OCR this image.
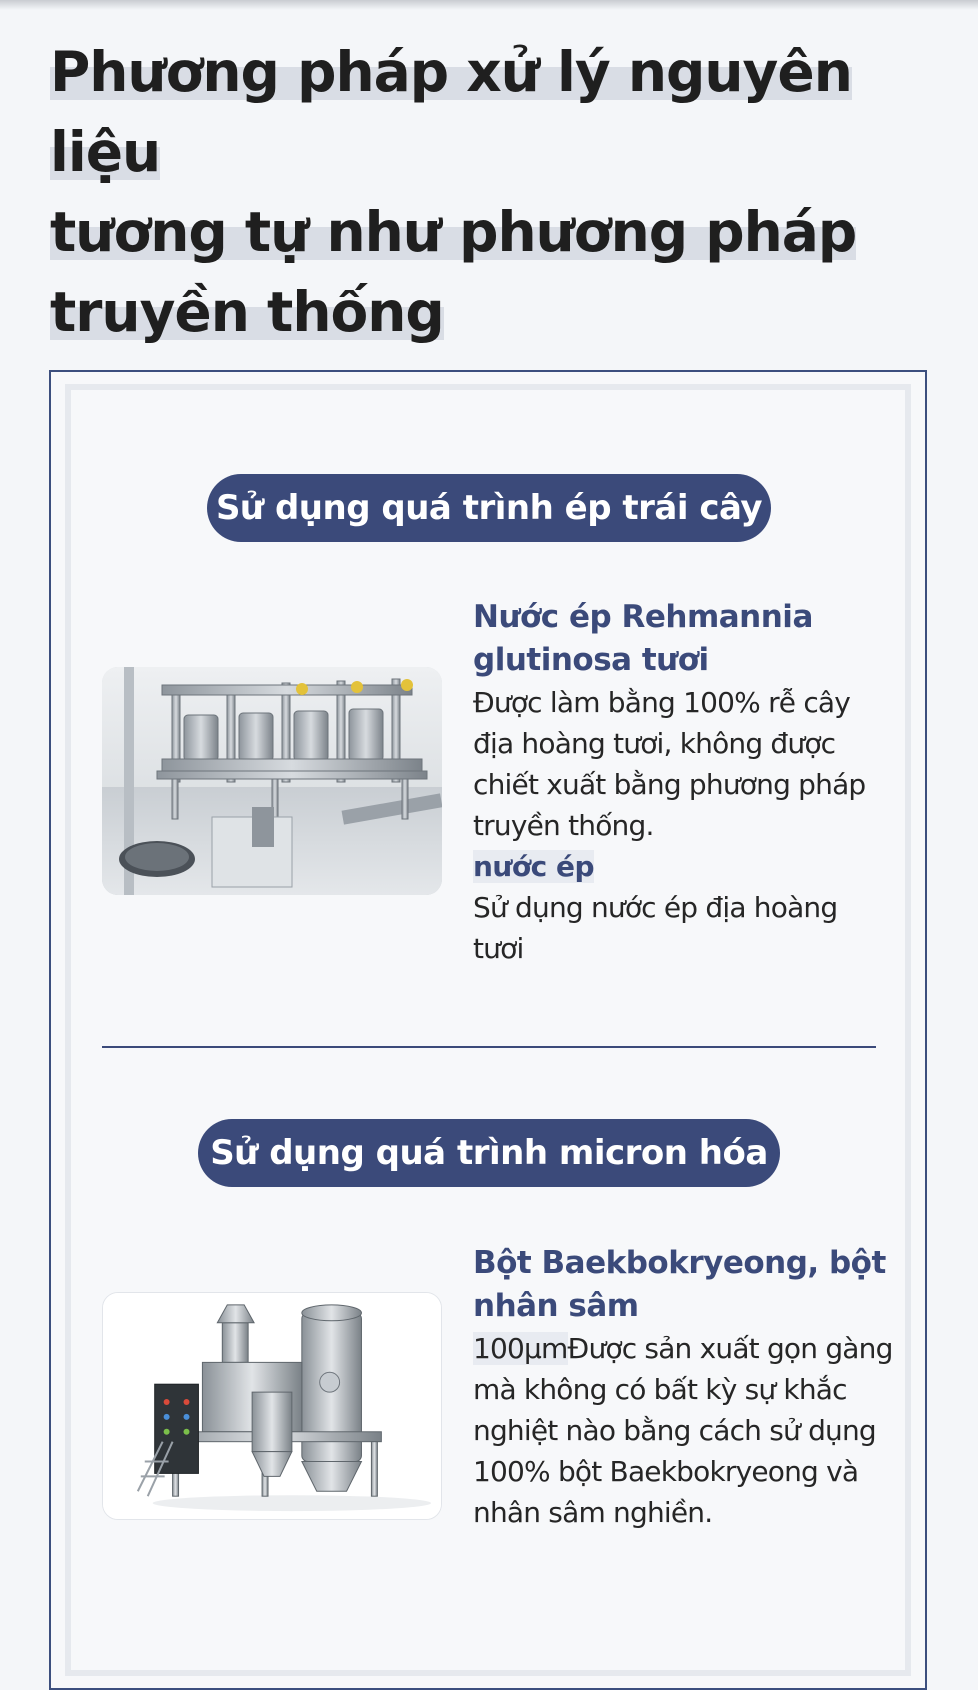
Phương pháp xử lý nguyên liệu
tương tự như phương pháp
truyền thống
Sử dụng quá trình ép trái cây
Nước ép Rehmannia glutinosa tươi
Được làm bằng 100% rễ cây địa hoàng tươi, không được chiết xuất bằng phương pháp truyền thống.
nước ép
Sử dụng nước ép địa hoàng tươi
Sử dụng quá trình micron hóa
Bột Baekbokryeong, bột nhân sâm
100μmĐược sản xuất gọn gàng mà không có bất kỳ sự khắc nghiệt nào bằng cách sử dụng 100% bột Baekbokryeong và nhân sâm nghiền.
